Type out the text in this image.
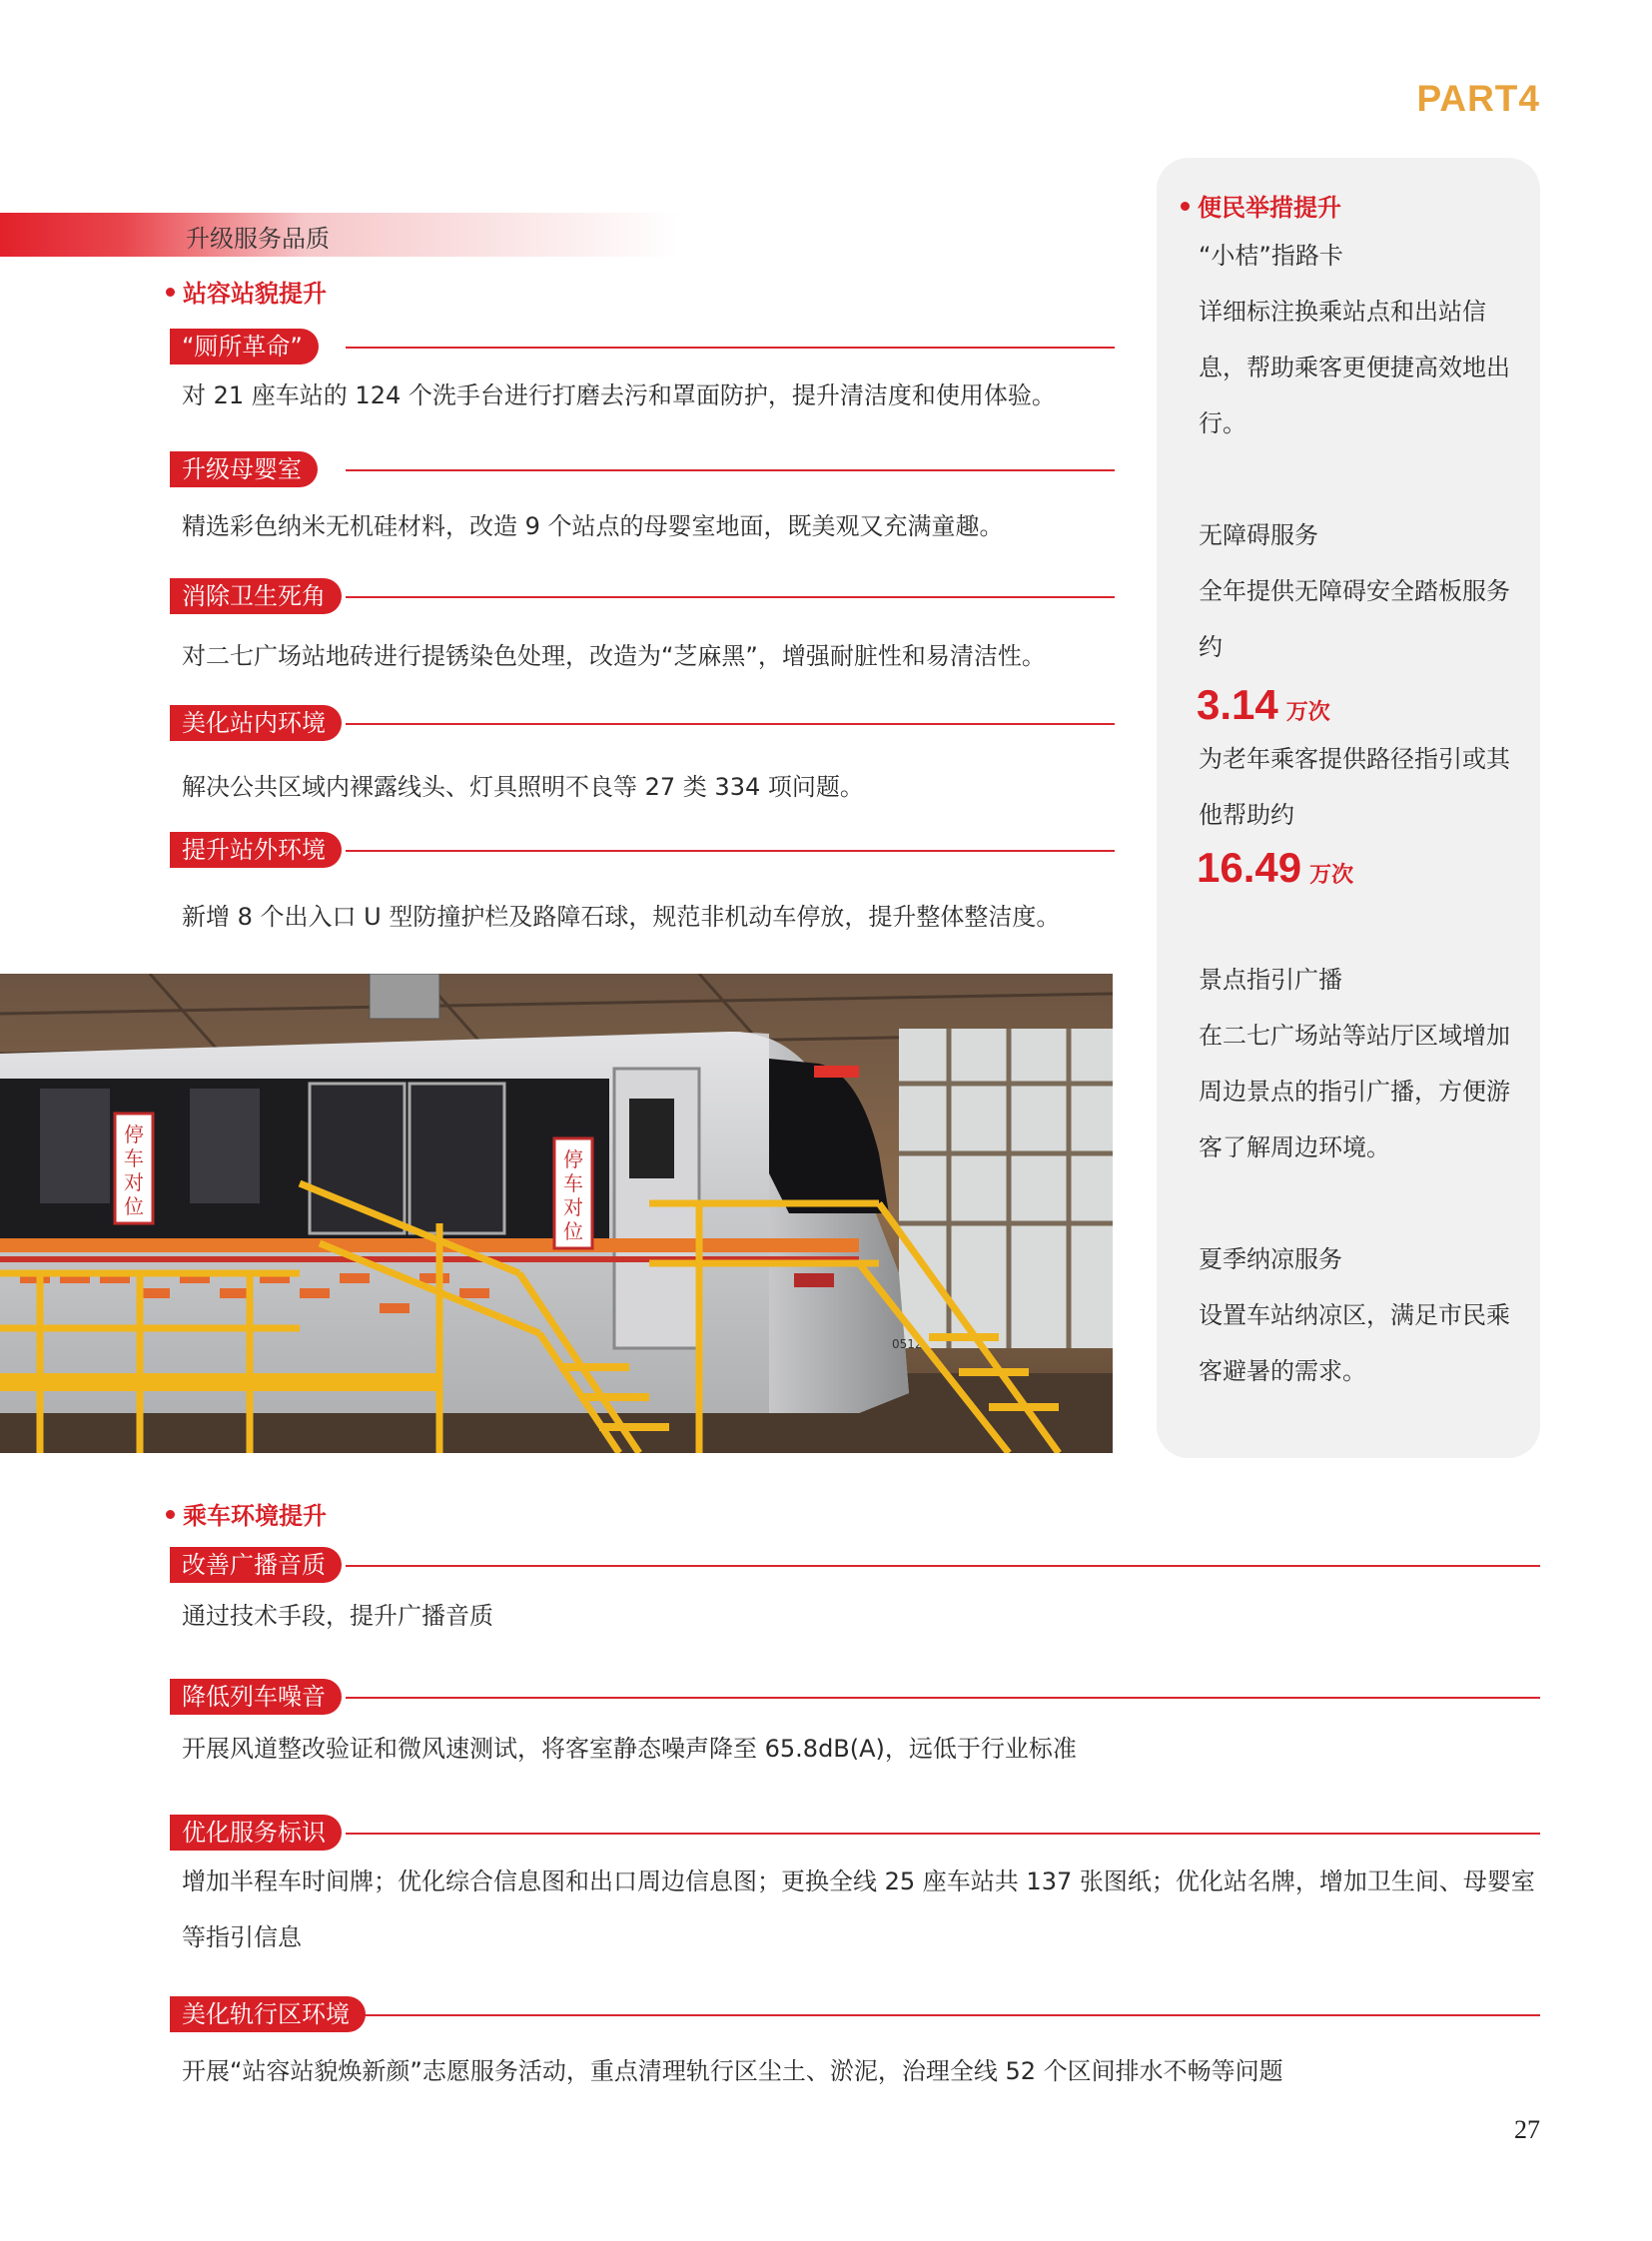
PART4
升级服务品质
站容站貌提升
“厕所革命”
对 21 座车站的 124 个洗手台进行打磨去污和罩面防护，提升清洁度和使用体验。
升级母婴室
精选彩色纳米无机硅材料，改造 9 个站点的母婴室地面，既美观又充满童趣。
消除卫生死角
对二七广场站地砖进行提锈染色处理，改造为“芝麻黑”，增强耐脏性和易清洁性。
美化站内环境
解决公共区域内裸露线头、灯具照明不良等 27 类 334 项问题。
提升站外环境
新增 8 个出入口 U 型防撞护栏及路障石球，规范非机动车停放，提升整体整洁度。
0512
停车对位
停车对位
便民举措提升
“小桔”指路卡
详细标注换乘站点和出站信息，帮助乘客更便捷高效地出行。
无障碍服务
全年提供无障碍安全踏板服务约
3.14 万次
为老年乘客提供路径指引或其他帮助约
16.49 万次
景点指引广播
在二七广场站等站厅区域增加周边景点的指引广播，方便游客了解周边环境。
夏季纳凉服务
设置车站纳凉区，满足市民乘客避暑的需求。
乘车环境提升
改善广播音质
通过技术手段，提升广播音质
降低列车噪音
开展风道整改验证和微风速测试，将客室静态噪声降至 65.8dB(A)，远低于行业标准
优化服务标识
增加半程车时间牌；优化综合信息图和出口周边信息图；更换全线 25 座车站共 137 张图纸；优化站名牌，增加卫生间、母婴室等指引信息
美化轨行区环境
开展“站容站貌焕新颜”志愿服务活动，重点清理轨行区尘土、淤泥，治理全线 52 个区间排水不畅等问题
27
